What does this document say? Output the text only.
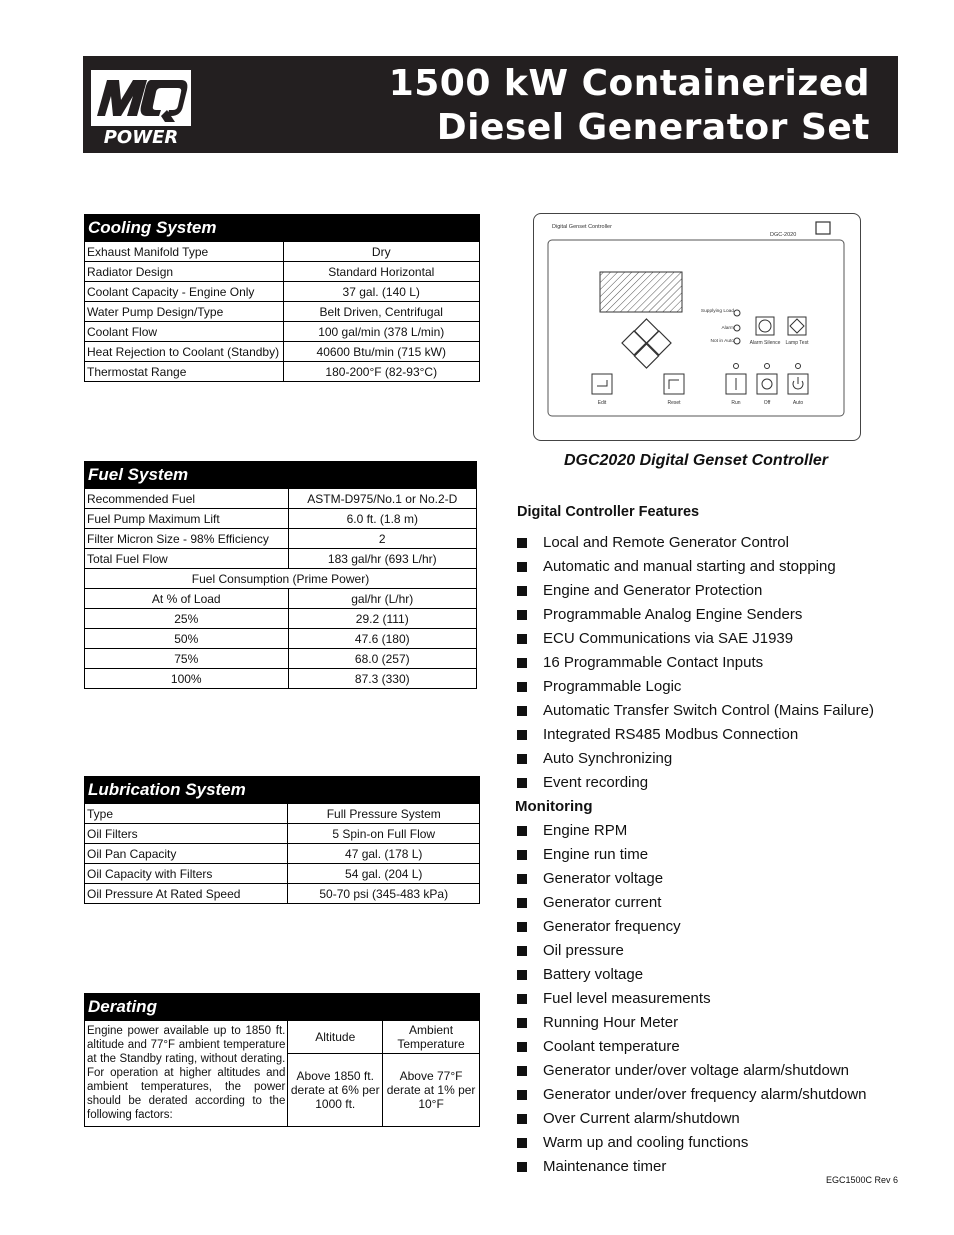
POWER
1500 kW Containerized
Diesel Generator Set
Cooling System	
Exhaust Manifold Type	Dry
Radiator Design	Standard Horizontal
Coolant Capacity - Engine Only	37 gal. (140 L)
Water Pump Design/Type	Belt Driven, Centrifugal
Coolant Flow	100 gal/min (378 L/min)
Heat Rejection to Coolant (Standby)	40600 Btu/min (715 kW)
Thermostat Range	180-200°F (82-93°C)
Fuel System	
Recommended Fuel	ASTM-D975/No.1 or No.2-D
Fuel Pump Maximum Lift	6.0 ft. (1.8 m)
Filter Micron Size - 98% Efficiency	2
Total Fuel Flow	183 gal/hr (693 L/hr)
Fuel Consumption (Prime Power)	
At % of Load	gal/hr (L/hr)
25%	29.2 (111)
50%	47.6 (180)
75%	68.0 (257)
100%	87.3 (330)
Lubrication System	
Type	Full Pressure System
Oil Filters	5 Spin-on Full Flow
Oil Pan Capacity	47 gal. (178 L)
Oil Capacity with Filters	54 gal. (204 L)
Oil Pressure At Rated Speed	50-70 psi (345-483 kPa)
Derating		
Engine power available up to 1850 ft. altitude and 77°F ambient temperature at the Standby rating, without derating. For operation at higher altitudes and ambient temperatures, the power should be derated according to the following factors:	Altitude	Ambient Temperature
	Above 1850 ft. derate at 6% per 1000 ft.	Above 77°F derate at 1% per 10°F
Digital Genset Controller
DGC-2020
Supplying Load
Alarm
Not in Auto	Alarm Silence Lamp Test
Edit	Reset	Run	Off	Auto
DGC2020 Digital Genset Controller
Digital Controller Features
Local and Remote Generator Control
Automatic and manual starting and stopping
Engine and Generator Protection
Programmable Analog Engine Senders
ECU Communications via SAE J1939
16 Programmable Contact Inputs
Programmable Logic
Automatic Transfer Switch Control (Mains Failure)
Integrated RS485 Modbus Connection
Auto Synchronizing
Event recording
Monitoring
Engine RPM
Engine run time
Generator voltage
Generator current
Generator frequency
Oil pressure
Battery voltage
Fuel level measurements
Running Hour Meter
Coolant temperature
Generator under/over voltage alarm/shutdown
Generator under/over frequency alarm/shutdown
Over Current alarm/shutdown
Warm up and cooling functions
Maintenance timer
EGC1500C Rev 6
